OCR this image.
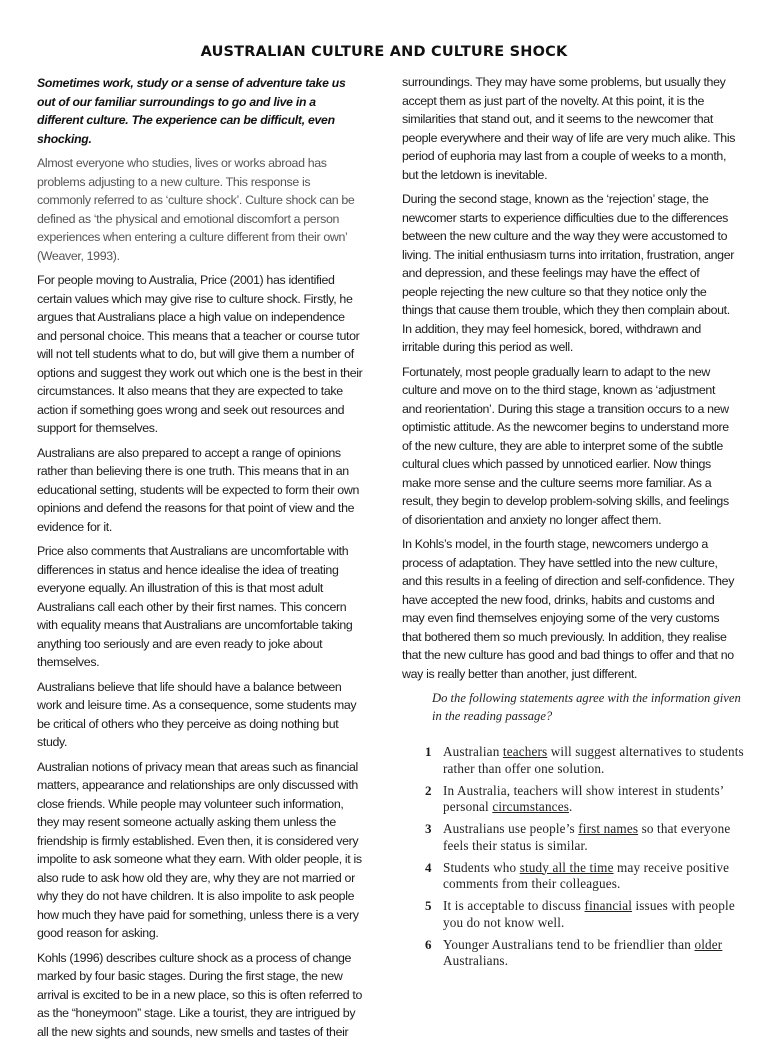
AUSTRALIAN CULTURE AND CULTURE SHOCK

Sometimes work, study or a sense of adventure take us out of our familiar surroundings to go and live in a different culture. The experience can be difficult, even shocking.

Almost everyone who studies, lives or works abroad has problems adjusting to a new culture. This response is commonly referred to as ‘culture shock’. Culture shock can be defined as ‘the physical and emotional discomfort a person experiences when entering a culture different from their own’ (Weaver, 1993).

For people moving to Australia, Price (2001) has identified certain values which may give rise to culture shock. Firstly, he argues that Australians place a high value on independence and personal choice. This means that a teacher or course tutor will not tell students what to do, but will give them a number of options and suggest they work out which one is the best in their circumstances. It also means that they are expected to take action if something goes wrong and seek out resources and support for themselves.

Australians are also prepared to accept a range of opinions rather than believing there is one truth. This means that in an educational setting, students will be expected to form their own opinions and defend the reasons for that point of view and the evidence for it.

Price also comments that Australians are uncomfortable with differences in status and hence idealise the idea of treating everyone equally. An illustration of this is that most adult Australians call each other by their first names. This concern with equality means that Australians are uncomfortable taking anything too seriously and are even ready to joke about themselves.

Australians believe that life should have a balance between work and leisure time. As a consequence, some students may be critical of others who they perceive as doing nothing but study.

Australian notions of privacy mean that areas such as financial matters, appearance and relationships are only discussed with close friends. While people may volunteer such information, they may resent someone actually asking them unless the friendship is firmly established. Even then, it is considered very impolite to ask someone what they earn. With older people, it is also rude to ask how old they are, why they are not married or why they do not have children. It is also impolite to ask people how much they have paid for something, unless there is a very good reason for asking.

Kohls (1996) describes culture shock as a process of change marked by four basic stages. During the first stage, the new arrival is excited to be in a new place, so this is often referred to as the “honeymoon” stage. Like a tourist, they are intrigued by all the new sights and sounds, new smells and tastes of their

surroundings. They may have some problems, but usually they accept them as just part of the novelty. At this point, it is the similarities that stand out, and it seems to the newcomer that people everywhere and their way of life are very much alike. This period of euphoria may last from a couple of weeks to a month, but the letdown is inevitable.

During the second stage, known as the ‘rejection’ stage, the newcomer starts to experience difficulties due to the differences between the new culture and the way they were accustomed to living. The initial enthusiasm turns into irritation, frustration, anger and depression, and these feelings may have the effect of people rejecting the new culture so that they notice only the things that cause them trouble, which they then complain about. In addition, they may feel homesick, bored, withdrawn and irritable during this period as well.

Fortunately, most people gradually learn to adapt to the new culture and move on to the third stage, known as ‘adjustment and reorientation’. During this stage a transition occurs to a new optimistic attitude. As the newcomer begins to understand more of the new culture, they are able to interpret some of the subtle cultural clues which passed by unnoticed earlier. Now things make more sense and the culture seems more familiar. As a result, they begin to develop problem-solving skills, and feelings of disorientation and anxiety no longer affect them.

In Kohls’s model, in the fourth stage, newcomers undergo a process of adaptation. They have settled into the new culture, and this results in a feeling of direction and self-confidence. They have accepted the new food, drinks, habits and customs and may even find themselves enjoying some of the very customs that bothered them so much previously. In addition, they realise that the new culture has good and bad things to offer and that no way is really better than another, just different.

Do the following statements agree with the information given in the reading passage?

1 Australian teachers will suggest alternatives to students rather than offer one solution.
2 In Australia, teachers will show interest in students’ personal circumstances.
3 Australians use people’s first names so that everyone feels their status is similar.
4 Students who study all the time may receive positive comments from their colleagues.
5 It is acceptable to discuss financial issues with people you do not know well.
6 Younger Australians tend to be friendlier than older Australians.
